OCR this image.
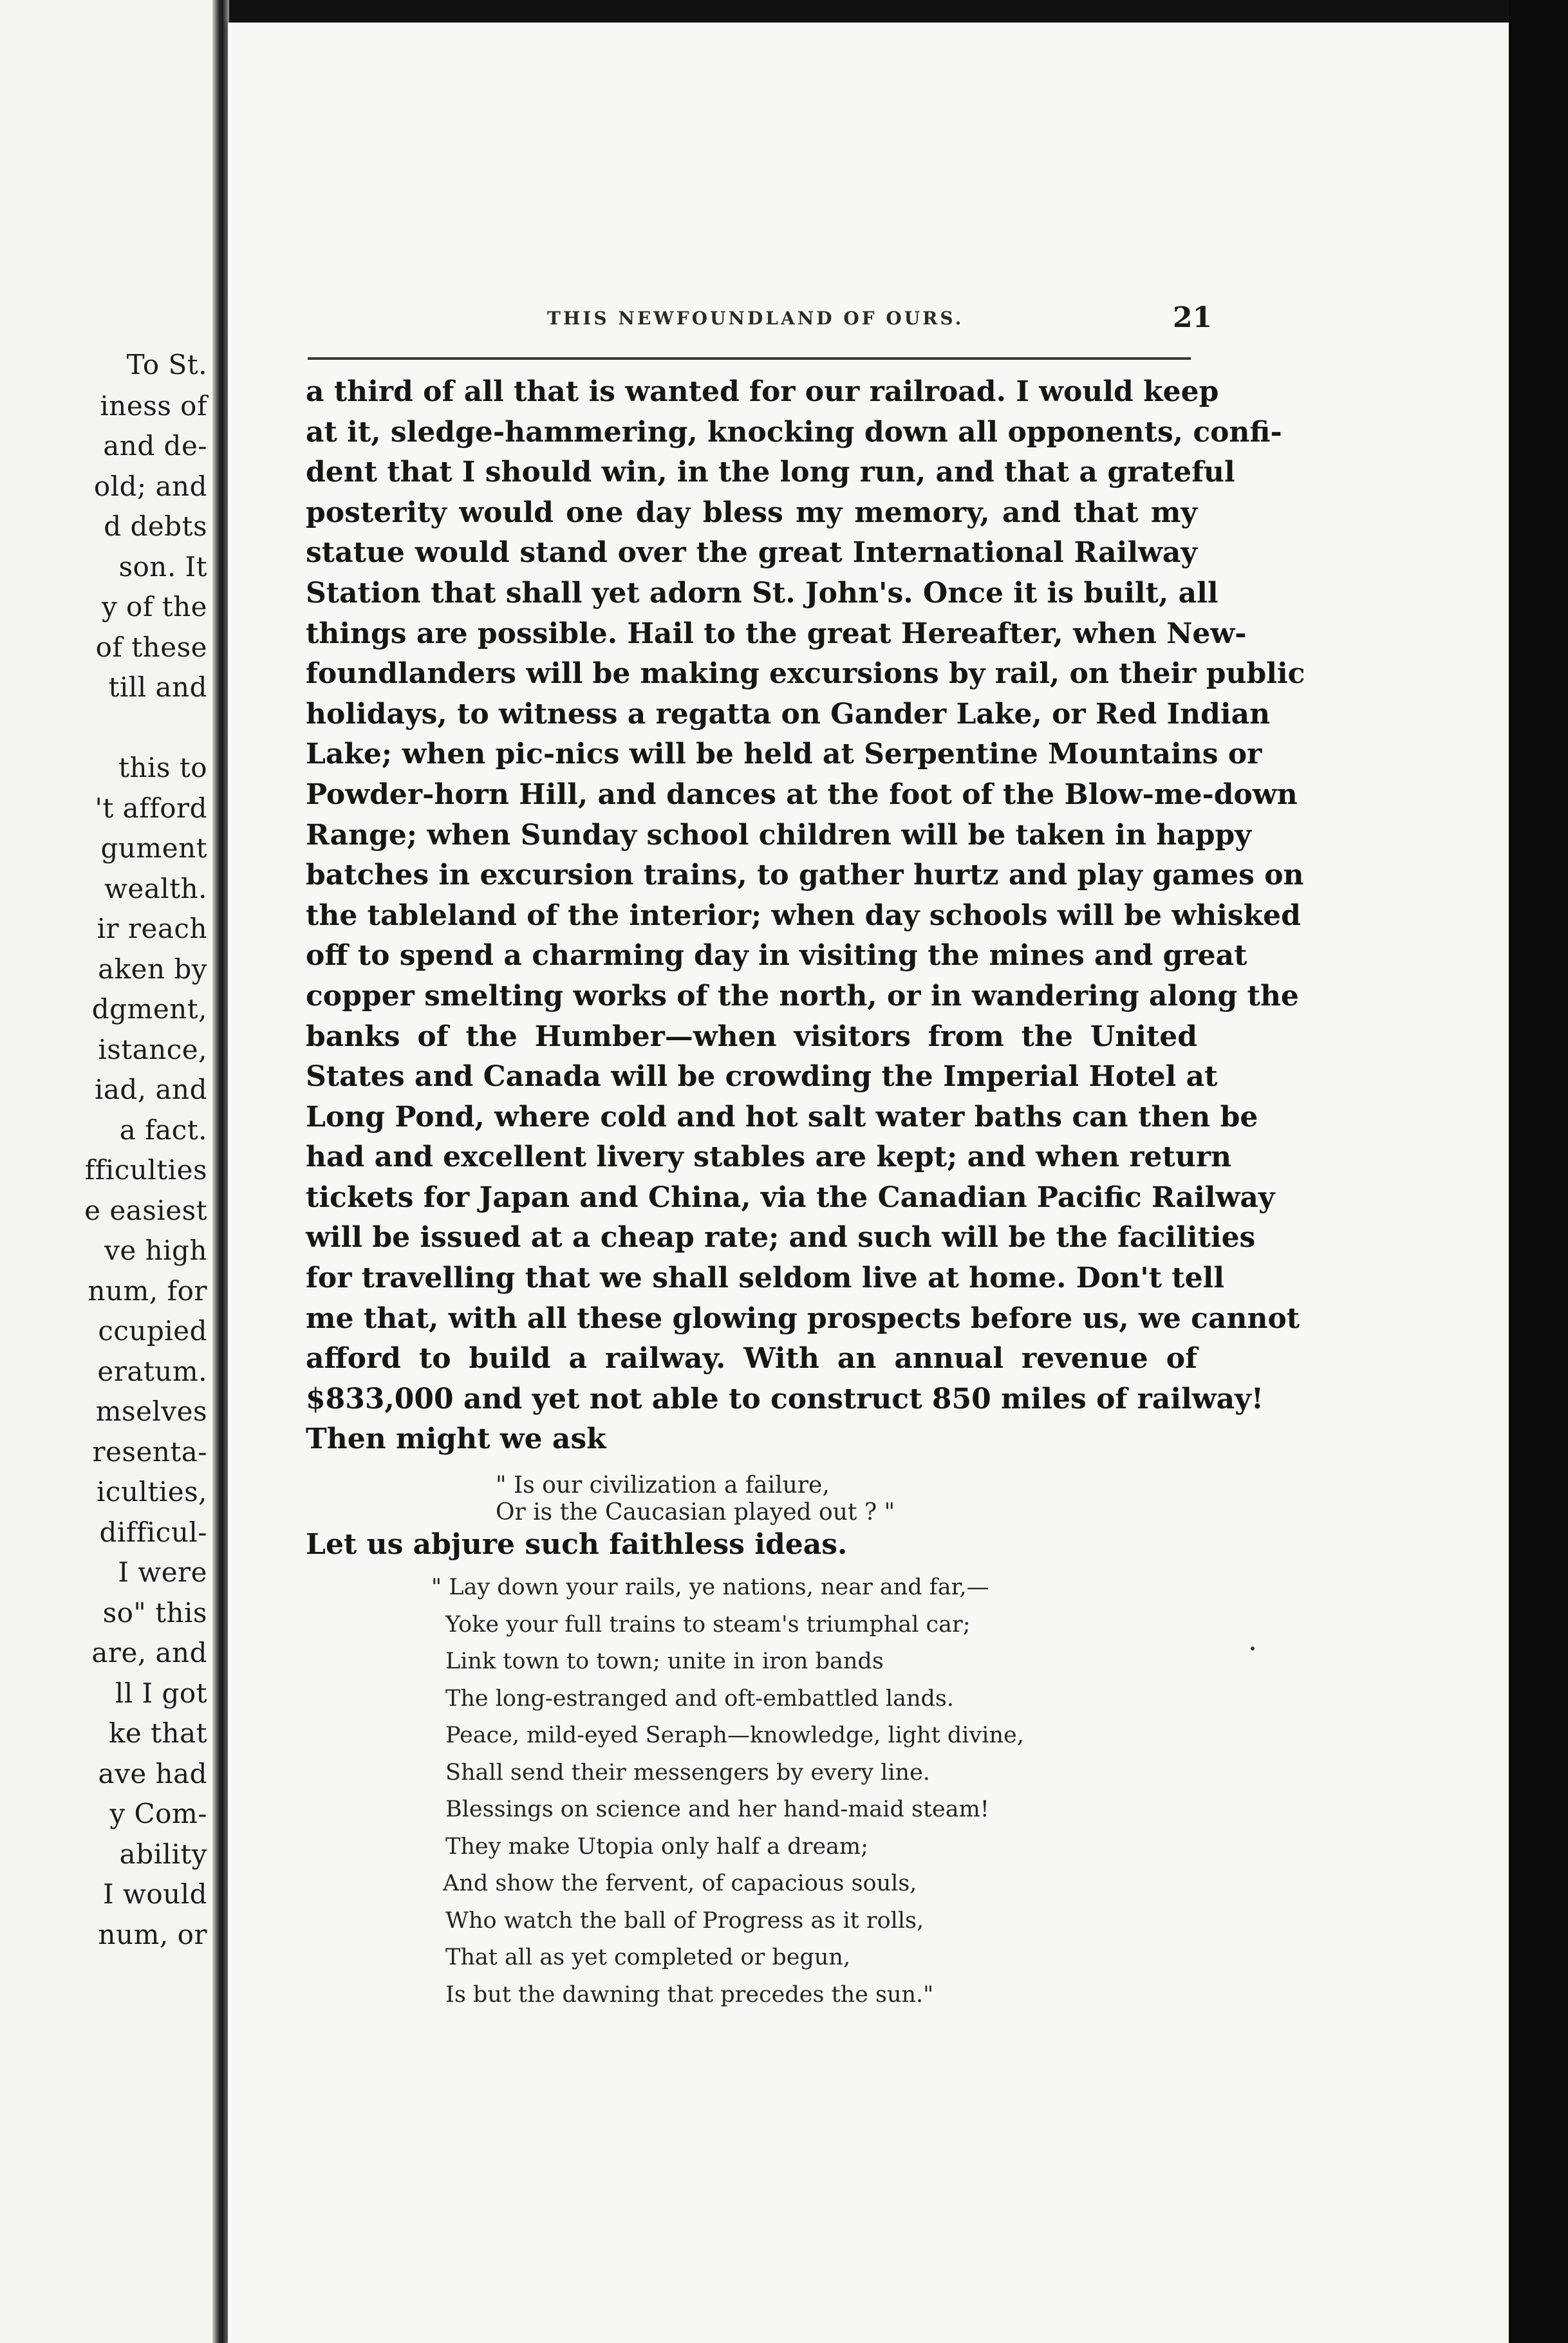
To St.
iness of
and de-
old; and
d debts
son. It
y of the
of these
till and
this to
't afford
gument
wealth.
ir reach
aken by
dgment,
istance,
iad, and
a fact.
fficulties
e easiest
ve high
num, for
ccupied
eratum.
mselves
resenta-
iculties,
difficul-
I were
so" this
are, and
ll I got
ke that
ave had
y Com-
ability
I would
num, or
THIS NEWFOUNDLAND OF OURS.	21
a third of all that is wanted for our railroad. I would keep
at it, sledge-hammering, knocking down all opponents, confi-
dent that I should win, in the long run, and that a grateful
posterity would one day bless my memory, and that my
statue would stand over the great International Railway
Station that shall yet adorn St. John's. Once it is built, all
things are possible. Hail to the great Hereafter, when New-
foundlanders will be making excursions by rail, on their public
holidays, to witness a regatta on Gander Lake, or Red Indian
Lake; when pic-nics will be held at Serpentine Mountains or
Powder-horn Hill, and dances at the foot of the Blow-me-down
Range; when Sunday school children will be taken in happy
batches in excursion trains, to gather hurtz and play games on
the tableland of the interior; when day schools will be whisked
off to spend a charming day in visiting the mines and great
copper smelting works of the north, or in wandering along the
banks of the Humber—when visitors from the United
States and Canada will be crowding the Imperial Hotel at
Long Pond, where cold and hot salt water baths can then be
had and excellent livery stables are kept; and when return
tickets for Japan and China, via the Canadian Pacific Railway
will be issued at a cheap rate; and such will be the facilities
for travelling that we shall seldom live at home. Don't tell
me that, with all these glowing prospects before us, we cannot
afford to build a railway. With an annual revenue of
$833,000 and yet not able to construct 850 miles of railway!
Then might we ask
" Is our civilization a failure,
Or is the Caucasian played out ? "
Let us abjure such faithless ideas.
" Lay down your rails, ye nations, near and far,—
Yoke your full trains to steam's triumphal car;
Link town to town; unite in iron bands
The long-estranged and oft-embattled lands.
Peace, mild-eyed Seraph—knowledge, light divine,
Shall send their messengers by every line.
Blessings on science and her hand-maid steam!
They make Utopia only half a dream;
And show the fervent, of capacious souls,
Who watch the ball of Progress as it rolls,
That all as yet completed or begun,
Is but the dawning that precedes the sun."
